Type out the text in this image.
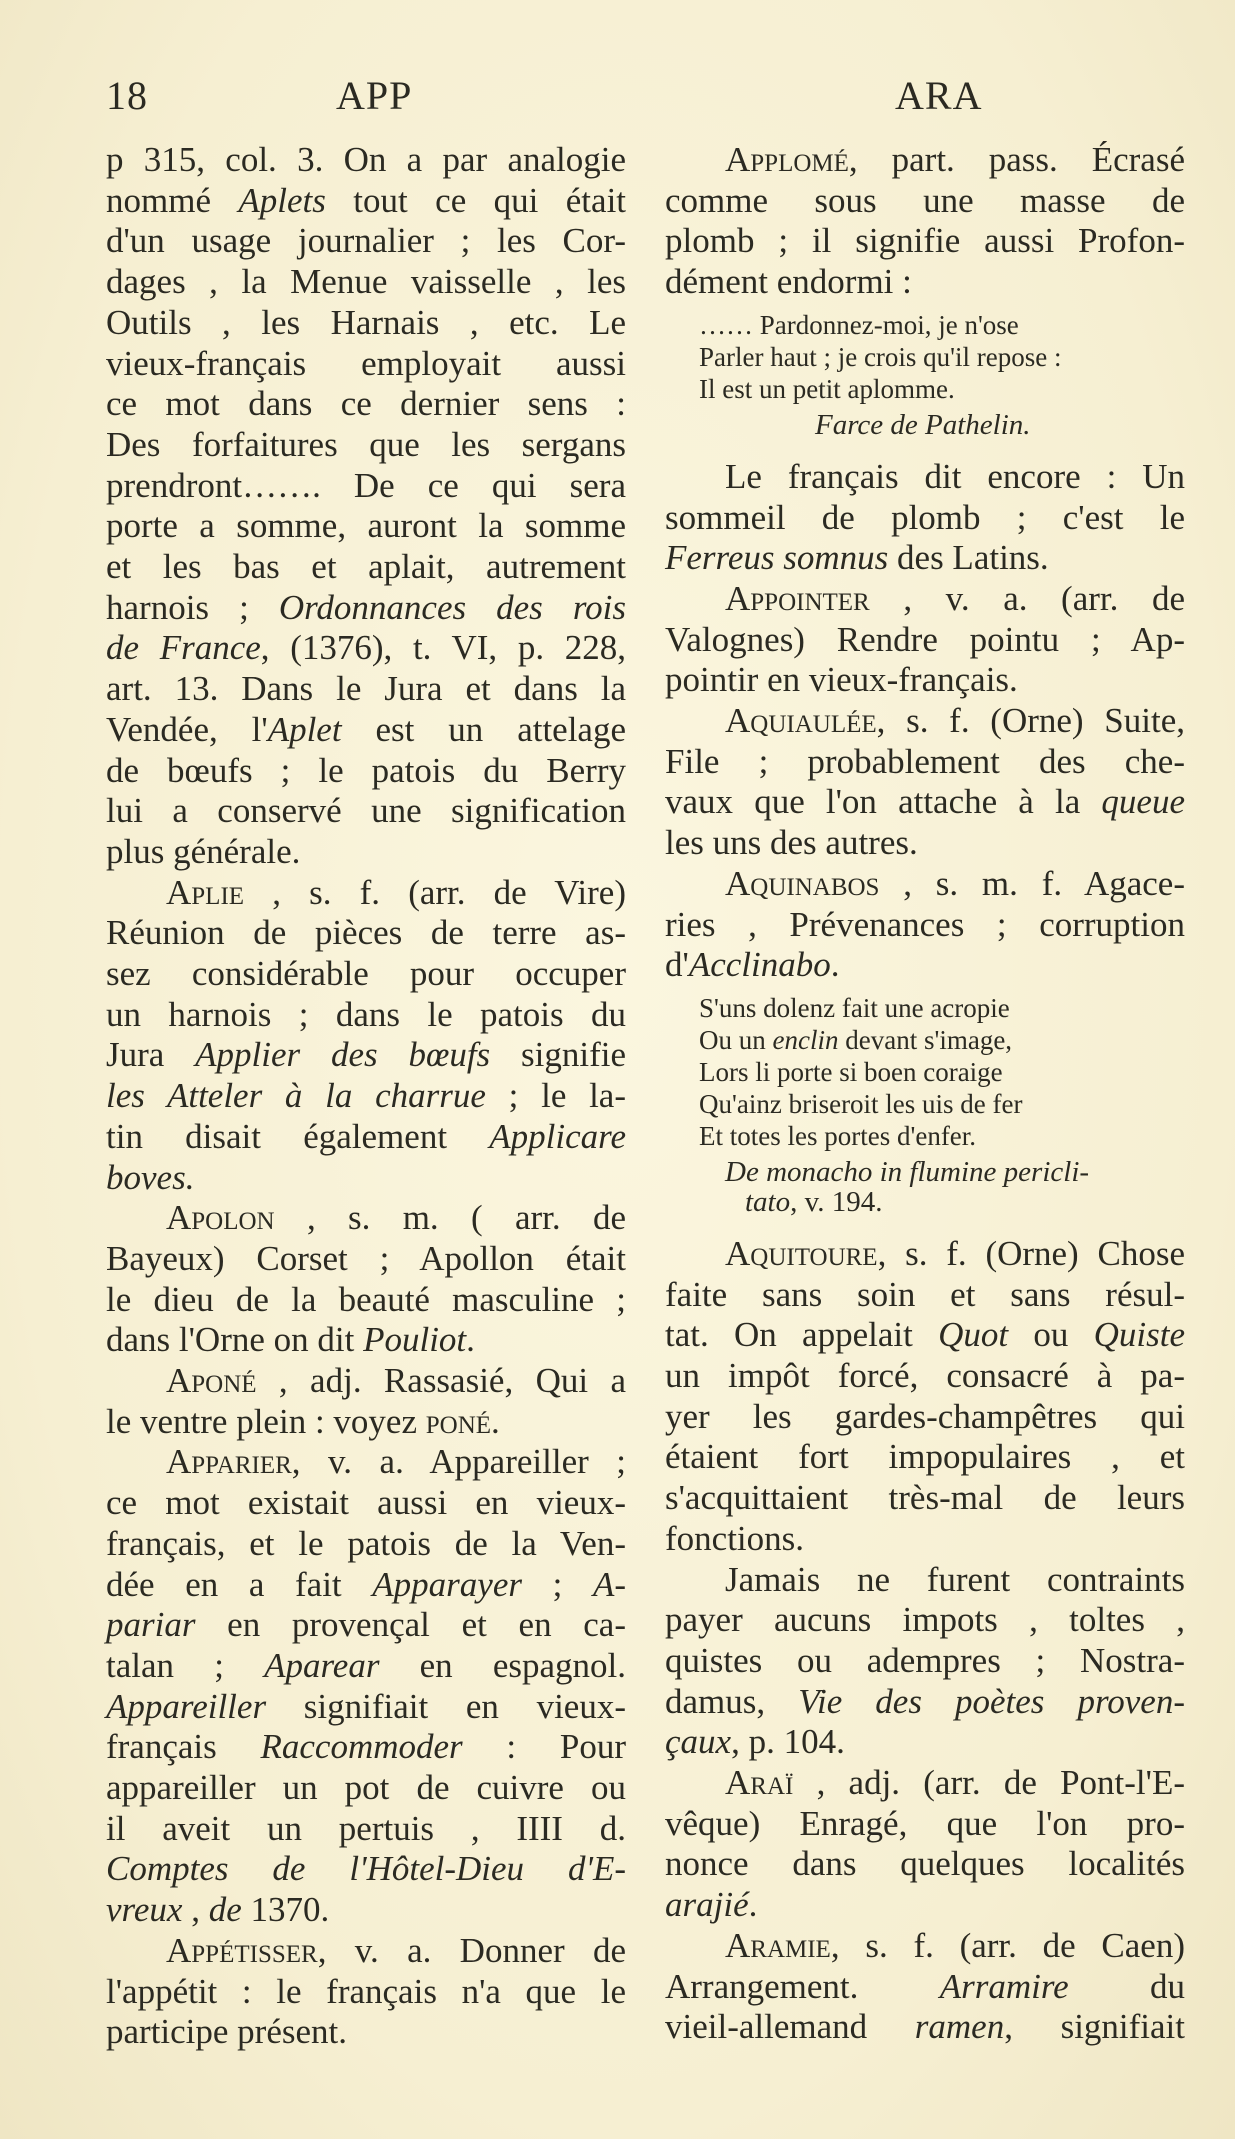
18	APP	ARA
p 315, col. 3. On a par analogie
nommé Aplets tout ce qui était
d'un usage journalier ; les Cor-
dages , la Menue vaisselle , les
Outils , les Harnais , etc. Le
vieux-français employait aussi
ce mot dans ce dernier sens :
Des forfaitures que les sergans
prendront……. De ce qui sera
porte a somme, auront la somme
et les bas et aplait, autrement
harnois ; Ordonnances des rois
de France, (1376), t. VI, p. 228,
art. 13. Dans le Jura et dans la
Vendée, l'Aplet est un attelage
de bœufs ; le patois du Berry
lui a conservé une signification
plus générale.
Aplie , s. f. (arr. de Vire)
Réunion de pièces de terre as-
sez considérable pour occuper
un harnois ; dans le patois du
Jura Applier des bœufs signifie
les Atteler à la charrue ; le la-
tin disait également Applicare
boves.
Apolon , s. m. ( arr. de
Bayeux) Corset ; Apollon était
le dieu de la beauté masculine ;
dans l'Orne on dit Pouliot.
Aponé , adj. Rassasié, Qui a
le ventre plein : voyez poné.
Apparier, v. a. Appareiller ;
ce mot existait aussi en vieux-
français, et le patois de la Ven-
dée en a fait Apparayer ; A-
pariar en provençal et en ca-
talan ; Aparear en espagnol.
Appareiller signifiait en vieux-
français Raccommoder : Pour
appareiller un pot de cuivre ou
il aveit un pertuis , IIII d.
Comptes de l'Hôtel-Dieu d'E-
vreux , de 1370.
Appétisser, v. a. Donner de
l'appétit : le français n'a que le
participe présent.
Applomé, part. pass. Écrasé
comme sous une masse de
plomb ; il signifie aussi Profon-
dément endormi :
…… Pardonnez-moi, je n'ose
Parler haut ; je crois qu'il repose :
Il est un petit aplomme.
Farce de Pathelin.
Le français dit encore : Un
sommeil de plomb ; c'est le
Ferreus somnus des Latins.
Appointer , v. a. (arr. de
Valognes) Rendre pointu ; Ap-
pointir en vieux-français.
Aquiaulée, s. f. (Orne) Suite,
File ; probablement des che-
vaux que l'on attache à la queue
les uns des autres.
Aquinabos , s. m. f. Agace-
ries , Prévenances ; corruption
d'Acclinabo.
S'uns dolenz fait une acropie
Ou un enclin devant s'image,
Lors li porte si boen coraige
Qu'ainz briseroit les uis de fer
Et totes les portes d'enfer.
De monacho in flumine pericli-
tato, v. 194.
Aquitoure, s. f. (Orne) Chose
faite sans soin et sans résul-
tat. On appelait Quot ou Quiste
un impôt forcé, consacré à pa-
yer les gardes-champêtres qui
étaient fort impopulaires , et
s'acquittaient très-mal de leurs
fonctions.
Jamais ne furent contraints
payer aucuns impots , toltes ,
quistes ou adempres ; Nostra-
damus, Vie des poètes proven-
çaux, p. 104.
Araï , adj. (arr. de Pont-l'E-
vêque) Enragé, que l'on pro-
nonce dans quelques localités
arajié.
Aramie, s. f. (arr. de Caen)
Arrangement. Arramire du
vieil-allemand ramen, signifiait
